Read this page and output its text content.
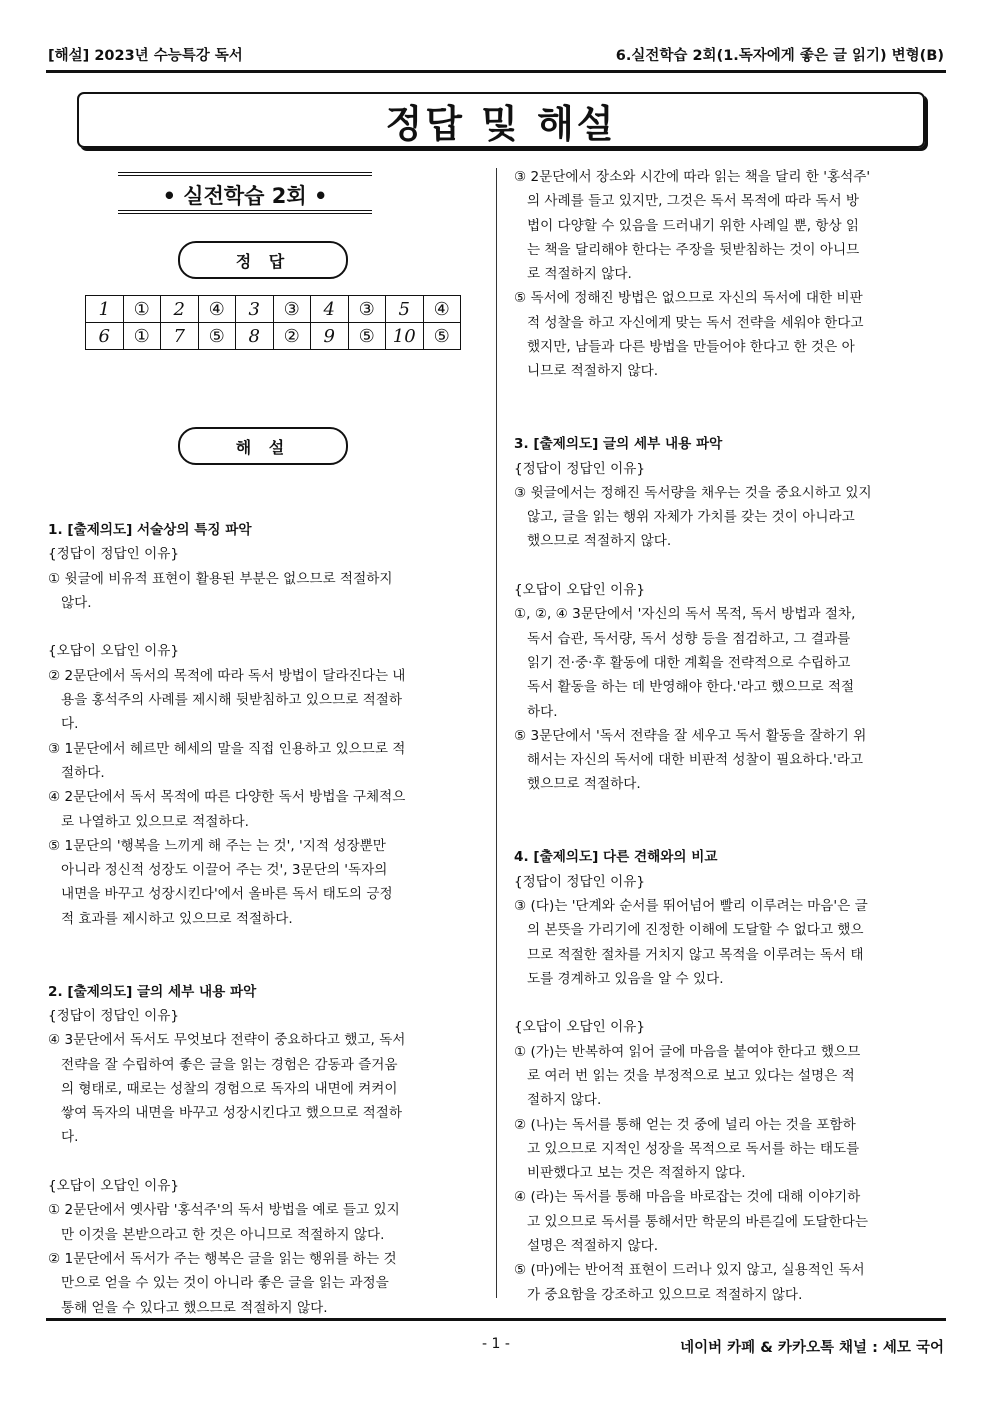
[해설] 2023년 수능특강 독서	6.실전학습 2회(1.독자에게 좋은 글 읽기) 변형(B)
정답 및 해설
• 실전학습 2회 •
정 답
1	①	2	④	3	③	4	③	5	④
6	①	7	⑤	8	②	9	⑤	10	⑤
해 설
1. [출제의도] 서술상의 특징 파악
{정답이 정답인 이유}
① 윗글에 비유적 표현이 활용된 부분은 없으므로 적절하지
않다.
{오답이 오답인 이유}
② 2문단에서 독서의 목적에 따라 독서 방법이 달라진다는 내
용을 홍석주의 사례를 제시해 뒷받침하고 있으므로 적절하
다.
③ 1문단에서 헤르만 헤세의 말을 직접 인용하고 있으므로 적
절하다.
④ 2문단에서 독서 목적에 따른 다양한 독서 방법을 구체적으
로 나열하고 있으므로 적절하다.
⑤ 1문단의 '행복을 느끼게 해 주는 는 것', '지적 성장뿐만
아니라 정신적 성장도 이끌어 주는 것', 3문단의 '독자의
내면을 바꾸고 성장시킨다'에서 올바른 독서 태도의 긍정
적 효과를 제시하고 있으므로 적절하다.
2. [출제의도] 글의 세부 내용 파악
{정답이 정답인 이유}
④ 3문단에서 독서도 무엇보다 전략이 중요하다고 했고, 독서
전략을 잘 수립하여 좋은 글을 읽는 경험은 감동과 즐거움
의 형태로, 때로는 성찰의 경험으로 독자의 내면에 켜켜이
쌓여 독자의 내면을 바꾸고 성장시킨다고 했으므로 적절하
다.
{오답이 오답인 이유}
① 2문단에서 옛사람 '홍석주'의 독서 방법을 예로 들고 있지
만 이것을 본받으라고 한 것은 아니므로 적절하지 않다.
② 1문단에서 독서가 주는 행복은 글을 읽는 행위를 하는 것
만으로 얻을 수 있는 것이 아니라 좋은 글을 읽는 과정을
통해 얻을 수 있다고 했으므로 적절하지 않다.
③ 2문단에서 장소와 시간에 따라 읽는 책을 달리 한 '홍석주'
의 사례를 들고 있지만, 그것은 독서 목적에 따라 독서 방
법이 다양할 수 있음을 드러내기 위한 사례일 뿐, 항상 읽
는 책을 달리해야 한다는 주장을 뒷받침하는 것이 아니므
로 적절하지 않다.
⑤ 독서에 정해진 방법은 없으므로 자신의 독서에 대한 비판
적 성찰을 하고 자신에게 맞는 독서 전략을 세워야 한다고
했지만, 남들과 다른 방법을 만들어야 한다고 한 것은 아
니므로 적절하지 않다.
3. [출제의도] 글의 세부 내용 파악
{정답이 정답인 이유}
③ 윗글에서는 정해진 독서량을 채우는 것을 중요시하고 있지
않고, 글을 읽는 행위 자체가 가치를 갖는 것이 아니라고
했으므로 적절하지 않다.
{오답이 오답인 이유}
①, ②, ④ 3문단에서 '자신의 독서 목적, 독서 방법과 절차,
독서 습관, 독서량, 독서 성향 등을 점검하고, 그 결과를
읽기 전·중·후 활동에 대한 계획을 전략적으로 수립하고
독서 활동을 하는 데 반영해야 한다.'라고 했으므로 적절
하다.
⑤ 3문단에서 '독서 전략을 잘 세우고 독서 활동을 잘하기 위
해서는 자신의 독서에 대한 비판적 성찰이 필요하다.'라고
했으므로 적절하다.
4. [출제의도] 다른 견해와의 비교
{정답이 정답인 이유}
③ (다)는 '단계와 순서를 뛰어넘어 빨리 이루려는 마음'은 글
의 본뜻을 가리기에 진정한 이해에 도달할 수 없다고 했으
므로 적절한 절차를 거치지 않고 목적을 이루려는 독서 태
도를 경계하고 있음을 알 수 있다.
{오답이 오답인 이유}
① (가)는 반복하여 읽어 글에 마음을 붙여야 한다고 했으므
로 여러 번 읽는 것을 부정적으로 보고 있다는 설명은 적
절하지 않다.
② (나)는 독서를 통해 얻는 것 중에 널리 아는 것을 포함하
고 있으므로 지적인 성장을 목적으로 독서를 하는 태도를
비판했다고 보는 것은 적절하지 않다.
④ (라)는 독서를 통해 마음을 바로잡는 것에 대해 이야기하
고 있으므로 독서를 통해서만 학문의 바른길에 도달한다는
설명은 적절하지 않다.
⑤ (마)에는 반어적 표현이 드러나 있지 않고, 실용적인 독서
가 중요함을 강조하고 있으므로 적절하지 않다.
- 1 -	네이버 카페 & 카카오톡 채널 : 세모 국어
